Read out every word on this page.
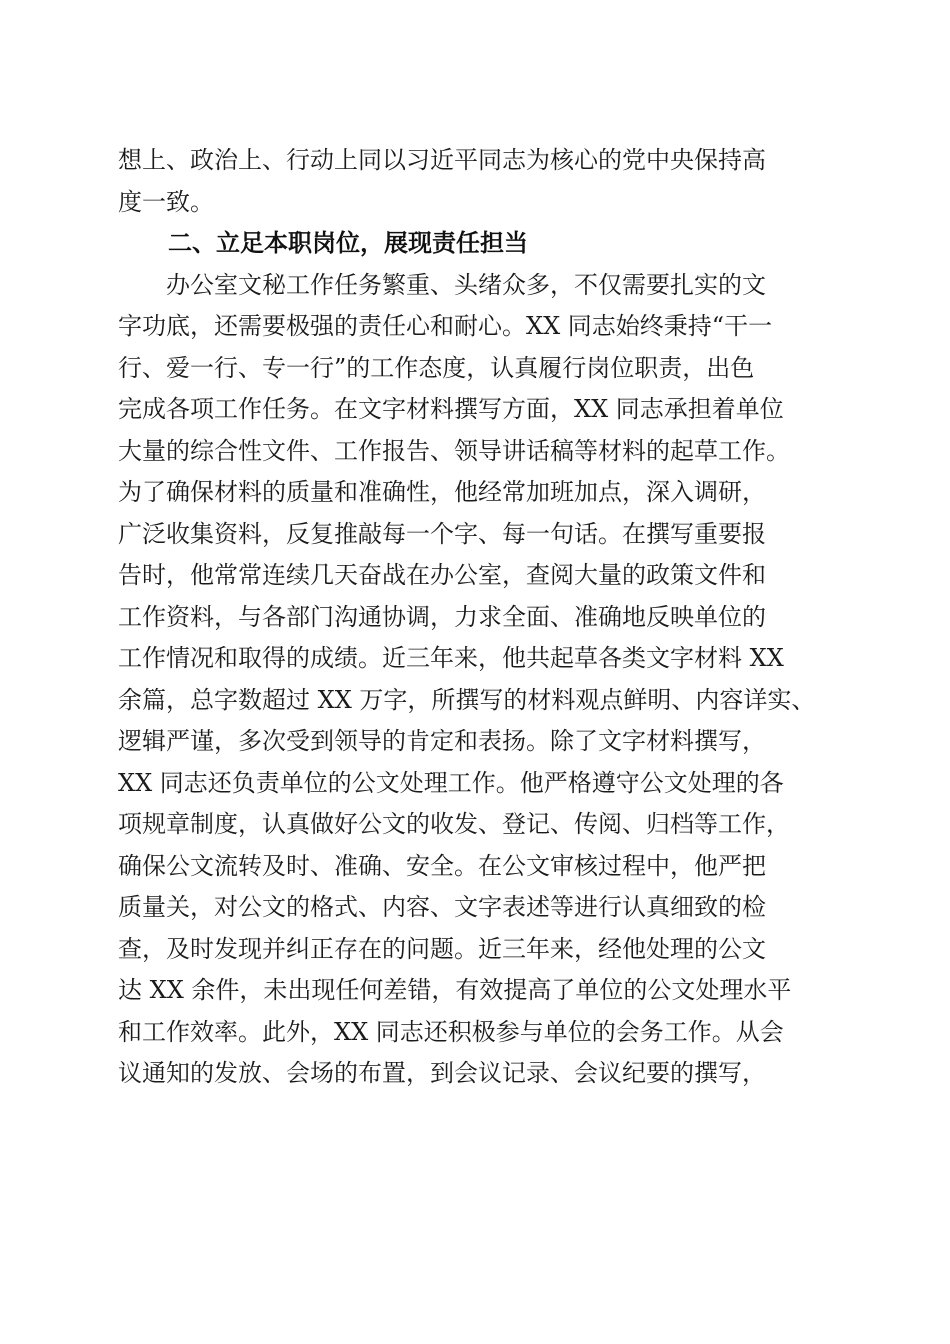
想上、政治上、行动上同以习近平同志为核心的党中央保持高
度一致。
二、立足本职岗位，展现责任担当
办公室文秘工作任务繁重、头绪众多，不仅需要扎实的文
字功底，还需要极强的责任心和耐心。XX 同志始终秉持“干一
行、爱一行、专一行”的工作态度，认真履行岗位职责，出色
完成各项工作任务。在文字材料撰写方面，XX 同志承担着单位
大量的综合性文件、工作报告、领导讲话稿等材料的起草工作。
为了确保材料的质量和准确性，他经常加班加点，深入调研，
广泛收集资料，反复推敲每一个字、每一句话。在撰写重要报
告时，他常常连续几天奋战在办公室，查阅大量的政策文件和
工作资料，与各部门沟通协调，力求全面、准确地反映单位的
工作情况和取得的成绩。近三年来，他共起草各类文字材料 XX
余篇，总字数超过 XX 万字，所撰写的材料观点鲜明、内容详实、
逻辑严谨，多次受到领导的肯定和表扬。除了文字材料撰写，
XX 同志还负责单位的公文处理工作。他严格遵守公文处理的各
项规章制度，认真做好公文的收发、登记、传阅、归档等工作，
确保公文流转及时、准确、安全。在公文审核过程中，他严把
质量关，对公文的格式、内容、文字表述等进行认真细致的检
查，及时发现并纠正存在的问题。近三年来，经他处理的公文
达 XX 余件，未出现任何差错，有效提高了单位的公文处理水平
和工作效率。此外，XX 同志还积极参与单位的会务工作。从会
议通知的发放、会场的布置，到会议记录、会议纪要的撰写，
